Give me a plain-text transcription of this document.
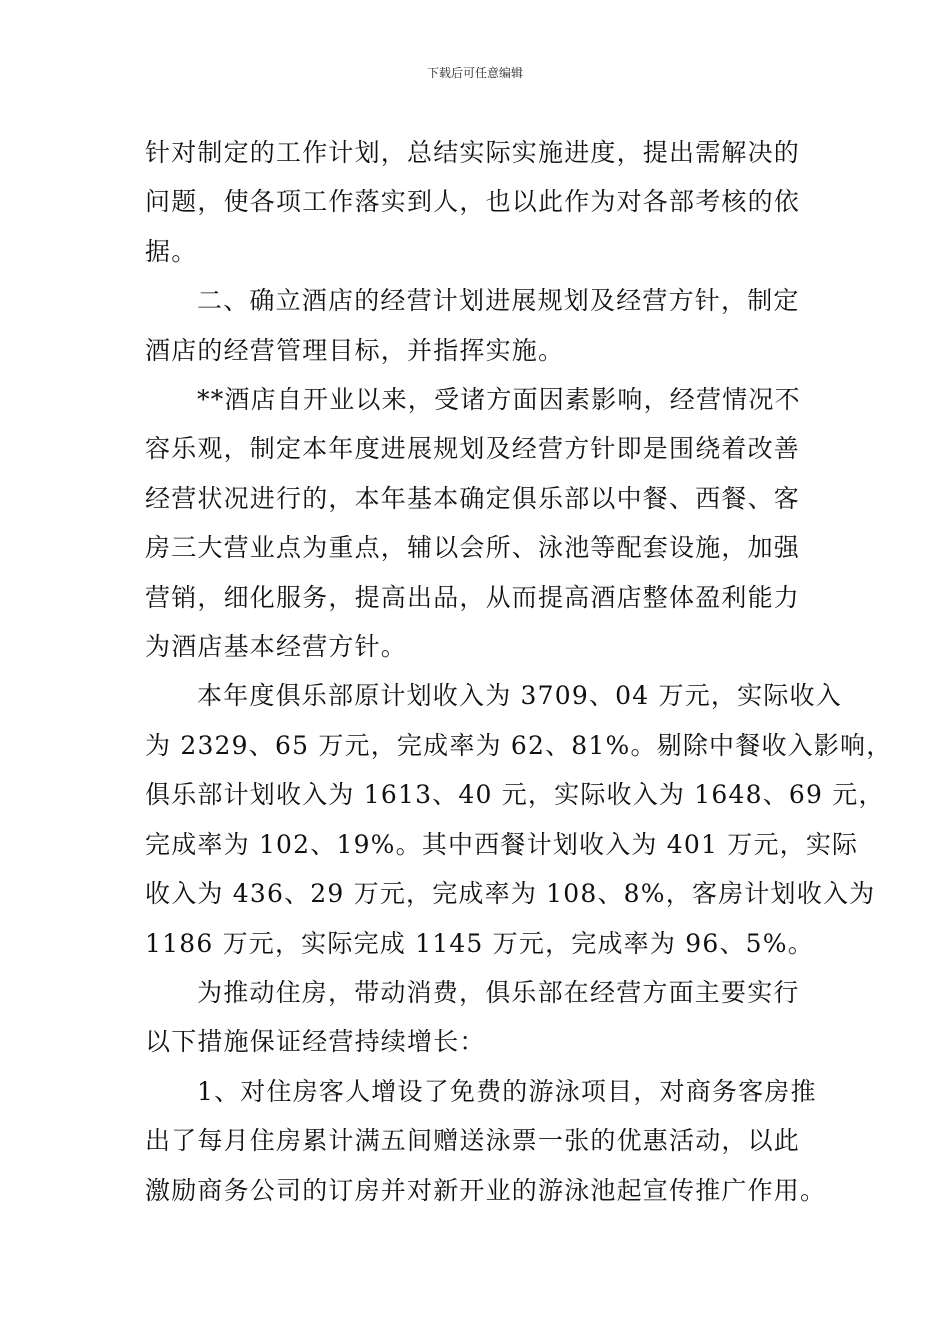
下载后可任意编辑

针对制定的工作计划，总结实际实施进度，提出需解决的

问题，使各项工作落实到人，也以此作为对各部考核的依

据。

二、确立酒店的经营计划进展规划及经营方针，制定

酒店的经营管理目标，并指挥实施。

**酒店自开业以来，受诸方面因素影响，经营情况不

容乐观，制定本年度进展规划及经营方针即是围绕着改善

经营状况进行的，本年基本确定俱乐部以中餐、西餐、客

房三大营业点为重点，辅以会所、泳池等配套设施，加强

营销，细化服务，提高出品，从而提高酒店整体盈利能力

为酒店基本经营方针。

本年度俱乐部原计划收入为 3709、04 万元，实际收入

为 2329、65 万元，完成率为 62、81%。剔除中餐收入影响，

俱乐部计划收入为 1613、40 元，实际收入为 1648、69 元，

完成率为 102、19%。其中西餐计划收入为 401 万元，实际

收入为 436、29 万元，完成率为 108、8%，客房计划收入为

1186 万元，实际完成 1145 万元，完成率为 96、5%。

为推动住房，带动消费，俱乐部在经营方面主要实行

以下措施保证经营持续增长：

1、对住房客人增设了免费的游泳项目，对商务客房推

出了每月住房累计满五间赠送泳票一张的优惠活动，以此

激励商务公司的订房并对新开业的游泳池起宣传推广作用。
